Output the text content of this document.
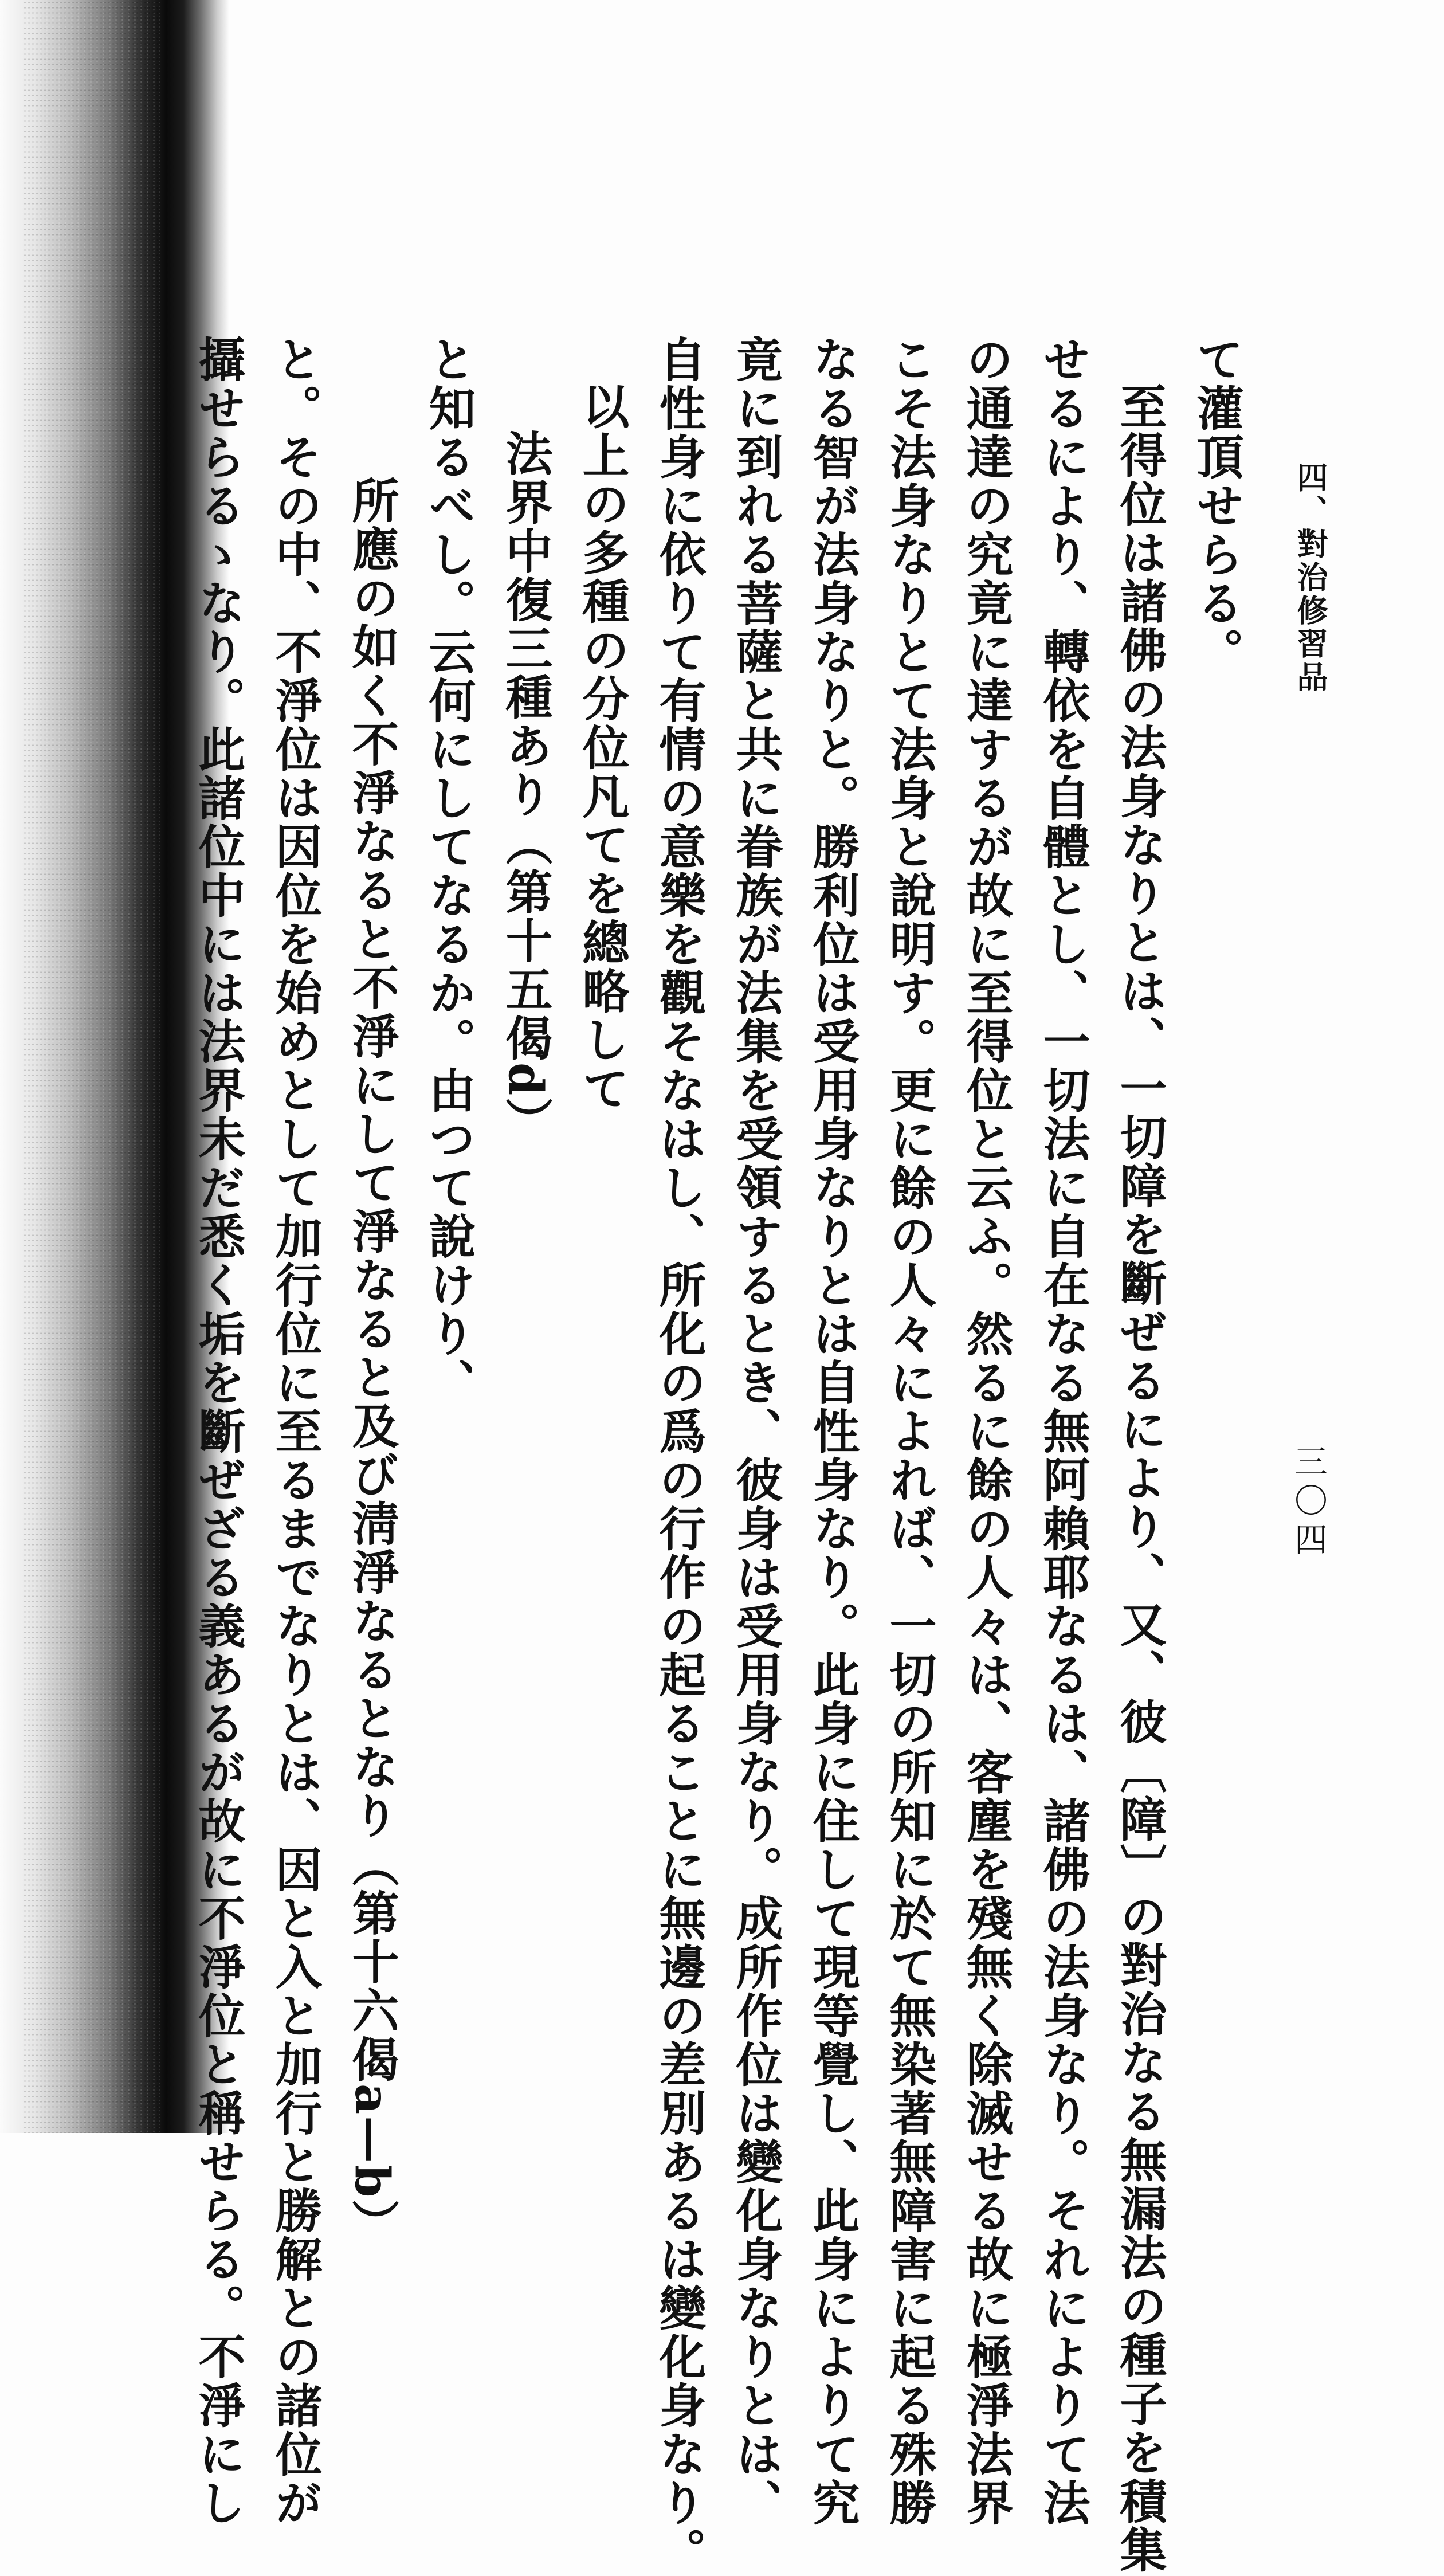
四、對治修習品
三〇四
て灌頂せらる。
至得位は諸佛の法身なりとは、一切障を斷ぜるにより、又、彼〔障〕の對治なる無漏法の種子を積集
せるにより、轉依を自體とし、一切法に自在なる無阿賴耶なるは、諸佛の法身なり。それによりて法
の通達の究竟に達するが故に至得位と云ふ。然るに餘の人々は、客塵を殘無く除滅せる故に極淨法界
こそ法身なりとて法身と說明す。更に餘の人々によれば、一切の所知に於て無染著無障害に起る殊勝
なる智が法身なりと。勝利位は受用身なりとは自性身なり。此身に住して現等覺し、此身によりて究
竟に到れる菩薩と共に眷族が法集を受領するとき、彼身は受用身なり。成所作位は變化身なりとは、
自性身に依りて有情の意樂を觀そなはし、所化の爲の行作の起ることに無邊の差別あるは變化身なり。
以上の多種の分位凡てを總略して
法界中復三種あり（第十五偈d）
と知るべし。云何にしてなるか。由つて說けり、
所應の如く不淨なると不淨にして淨なると及び淸淨なるとなり（第十六偈a—b）
と。その中、不淨位は因位を始めとして加行位に至るまでなりとは、因と入と加行と勝解との諸位が
攝せらるゝなり。此諸位中には法界未だ悉く垢を斷ぜざる義あるが故に不淨位と稱せらる。不淨にし
